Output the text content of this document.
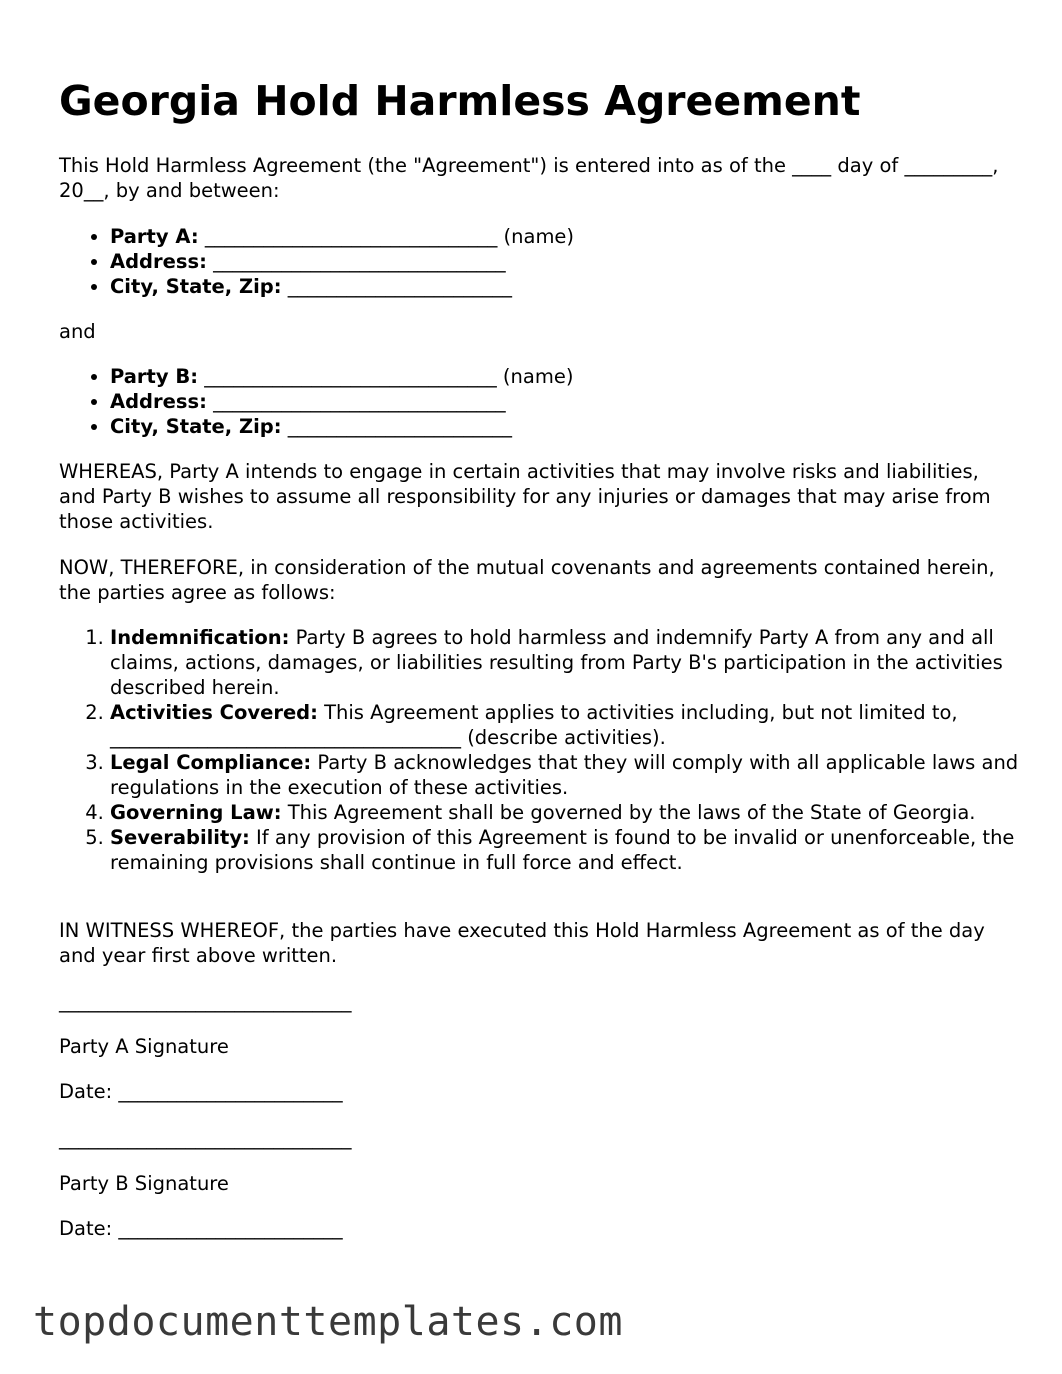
Georgia Hold Harmless Agreement

This Hold Harmless Agreement (the "Agreement") is entered into as of the ____ day of _________, 20__, by and between:

• Party A: ______________________________ (name)
• Address: ______________________________
• City, State, Zip: _______________________

and

• Party B: ______________________________ (name)
• Address: ______________________________
• City, State, Zip: _______________________

WHEREAS, Party A intends to engage in certain activities that may involve risks and liabilities, and Party B wishes to assume all responsibility for any injuries or damages that may arise from those activities.

NOW, THEREFORE, in consideration of the mutual covenants and agreements contained herein, the parties agree as follows:

1. Indemnification: Party B agrees to hold harmless and indemnify Party A from any and all claims, actions, damages, or liabilities resulting from Party B's participation in the activities described herein.
2. Activities Covered: This Agreement applies to activities including, but not limited to, ____________________________________ (describe activities).
3. Legal Compliance: Party B acknowledges that they will comply with all applicable laws and regulations in the execution of these activities.
4. Governing Law: This Agreement shall be governed by the laws of the State of Georgia.
5. Severability: If any provision of this Agreement is found to be invalid or unenforceable, the remaining provisions shall continue in full force and effect.

IN WITNESS WHEREOF, the parties have executed this Hold Harmless Agreement as of the day and year first above written.

______________________________

Party A Signature

Date: _______________________

______________________________

Party B Signature

Date: _______________________

topdocumenttemplates.com
